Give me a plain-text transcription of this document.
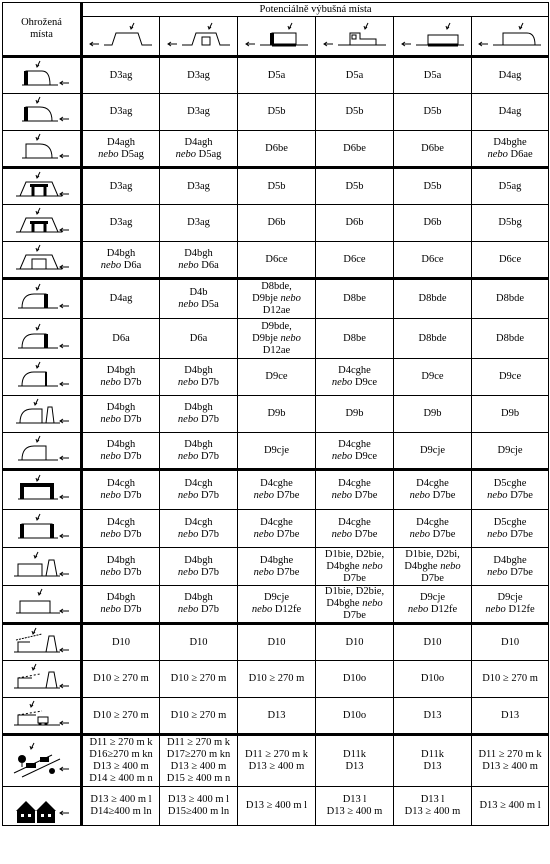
Ohrožená
místa	Potenciálně výbušná místa					

D3ag	D3ag	D5a	D5a	D5a	D4ag

D3ag	D3ag	D5b	D5b	D5b	D4ag

D4agh
nebo D5ag	D4agh
nebo D5ag	D6be	D6be	D6be	D4bghe
nebo D6ae

D3ag	D3ag	D5b	D5b	D5b	D5ag

D3ag	D3ag	D6b	D6b	D6b	D5bg

D4bgh
nebo D6a	D4bgh
nebo D6a	D6ce	D6ce	D6ce	D6ce

D4ag	D4b
nebo D5a	D8bde,
D9bje nebo
D12ae	D8be	D8bde	D8bde

D6a	D6a	D9bde,
D9bje nebo
D12ae	D8be	D8bde	D8bde

D4bgh
nebo D7b	D4bgh
nebo D7b	D9ce	D4cghe
nebo D9ce	D9ce	D9ce

D4bgh
nebo D7b	D4bgh
nebo D7b	D9b	D9b	D9b	D9b

D4bgh
nebo D7b	D4bgh
nebo D7b	D9cje	D4cghe
nebo D9ce	D9cje	D9cje

D4cgh
nebo D7b	D4cgh
nebo D7b	D4cghe
nebo D7be	D4cghe
nebo D7be	D4cghe
nebo D7be	D5cghe
nebo D7be

D4cgh
nebo D7b	D4cgh
nebo D7b	D4cghe
nebo D7be	D4cghe
nebo D7be	D4cghe
nebo D7be	D5cghe
nebo D7be

D4bgh
nebo D7b	D4bgh
nebo D7b	D4bghe
nebo D7be	D1bie, D2bie,
D4bghe nebo
D7be	D1bie, D2bi,
D4bghe nebo
D7be	D4bghe
nebo D7be

D4bgh
nebo D7b	D4bgh
nebo D7b	D9cje
nebo D12fe	D1bie, D2bie,
D4bghe nebo
D7be	D9cje
nebo D12fe	D9cje
nebo D12fe

D10	D10	D10	D10	D10	D10

D10 ≥ 270 m	D10 ≥ 270 m	D10 ≥ 270 m	D10o	D10o	D10 ≥ 270 m

D10 ≥ 270 m	D10 ≥ 270 m	D13	D10o	D13	D13

D11 ≥ 270 m k
D16≥270 m kn
D13 ≥ 400 m
D14 ≥ 400 m n	D11 ≥ 270 m k
D17≥270 m kn
D13 ≥ 400 m
D15 ≥ 400 m n	D11 ≥ 270 m k
D13 ≥ 400 m	D11k
D13	D11k
D13	D11 ≥ 270 m k
D13 ≥ 400 m

D13 ≥ 400 m l
D14≥400 m ln	D13 ≥ 400 m l
D15≥400 m ln	D13 ≥ 400 m l	D13 l
D13 ≥ 400 m	D13 l
D13 ≥ 400 m	D13 ≥ 400 m l
